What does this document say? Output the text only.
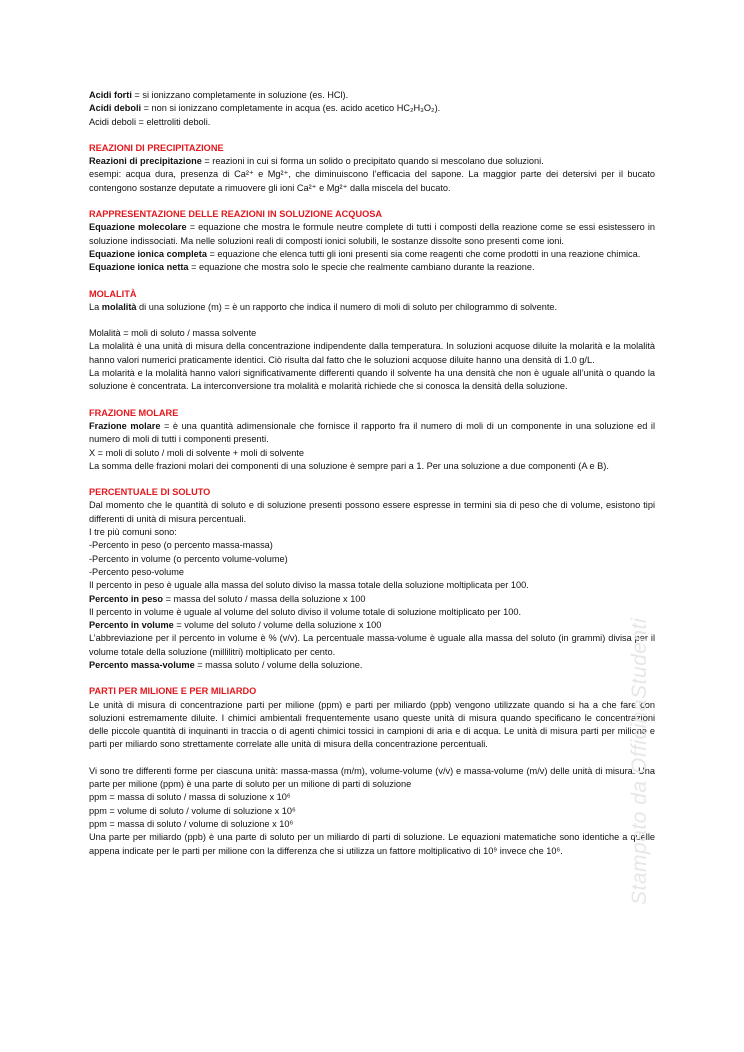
Acidi forti = si ionizzano completamente in soluzione (es. HCl).

Acidi deboli = non si ionizzano completamente in acqua (es. acido acetico HC₂H₃O₂).

Acidi deboli = elettroliti deboli.

REAZIONI DI PRECIPITAZIONE

Reazioni di precipitazione = reazioni in cui si forma un solido o precipitato quando si mescolano due soluzioni.

esempi: acqua dura, presenza di Ca²⁺ e Mg²⁺, che diminuiscono l’efficacia del sapone. La maggior parte dei detersivi per il bucato contengono sostanze deputate a rimuovere gli ioni Ca²⁺ e Mg²⁺ dalla miscela del bucato.

RAPPRESENTAZIONE DELLE REAZIONI IN SOLUZIONE ACQUOSA

Equazione molecolare = equazione che mostra le formule neutre complete di tutti i composti della reazione come se essi esistessero in soluzione indissociati. Ma nelle soluzioni reali di composti ionici solubili, le sostanze dissolte sono presenti come ioni.

Equazione ionica completa = equazione che elenca tutti gli ioni presenti sia come reagenti che come prodotti in una reazione chimica.

Equazione ionica netta = equazione che mostra solo le specie che realmente cambiano durante la reazione.

MOLALITÀ

La molalità di una soluzione (m) = è un rapporto che indica il numero di moli di soluto per chilogrammo di solvente.

Molalità = moli di soluto / massa solvente

La molalità è una unità di misura della concentrazione indipendente dalla temperatura. In soluzioni acquose diluite la molarità e la molalità hanno valori numerici praticamente identici. Ciò risulta dal fatto che le soluzioni acquose diluite hanno una densità di 1.0 g/L.

La molarità e la molalità hanno valori significativamente differenti quando il solvente ha una densità che non è uguale all’unità o quando la soluzione è concentrata. La interconversione tra molalità e molarità richiede che si conosca la densità della soluzione.

FRAZIONE MOLARE

Frazione molare = è una quantità adimensionale che fornisce il rapporto fra il numero di moli di un componente in una soluzione ed il numero di moli di tutti i componenti presenti.

X = moli di soluto / moli di solvente + moli di solvente

La somma delle frazioni molari dei componenti di una soluzione è sempre pari a 1. Per una soluzione a due componenti (A e B).

PERCENTUALE DI SOLUTO

Dal momento che le quantità di soluto e di soluzione presenti possono essere espresse in termini sia di peso che di volume, esistono tipi differenti di unità di misura percentuali.

I tre più comuni sono:

-Percento in peso (o percento massa-massa)

-Percento in volume (o percento volume-volume)

-Percento peso-volume

Il percento in peso è uguale alla massa del soluto diviso la massa totale della soluzione moltiplicata per 100.

Percento in peso = massa del soluto / massa della soluzione x 100

Il percento in volume è uguale al volume del soluto diviso il volume totale di soluzione moltiplicato per 100.

Percento in volume = volume del soluto / volume della soluzione x 100

L’abbreviazione per il percento in volume è % (v/v). La percentuale massa-volume è uguale alla massa del soluto (in grammi) divisa per il volume totale della soluzione (millilitri) moltiplicato per cento.

Percento massa-volume = massa soluto / volume della soluzione.

PARTI PER MILIONE E PER MILIARDO

Le unità di misura di concentrazione parti per milione (ppm) e parti per miliardo (ppb) vengono utilizzate quando si ha a che fare con soluzioni estremamente diluite. I chimici ambientali frequentemente usano queste unità di misura quando specificano le concentrazioni delle piccole quantità di inquinanti in traccia o di agenti chimici tossici in campioni di aria e di acqua. Le unità di misura parti per milione e parti per miliardo sono strettamente correlate alle unità di misura della concentrazione percentuali.

Vi sono tre differenti forme per ciascuna unità: massa-massa (m/m), volume-volume (v/v) e massa-volume (m/v) delle unità di misura. Una parte per milione (ppm) è una parte di soluto per un milione di parti di soluzione

ppm = massa di soluto / massa di soluzione x 10⁶

ppm = volume di soluto / volume di soluzione x 10⁶

ppm = massa di soluto / volume di soluzione x 10⁶

Una parte per miliardo (ppb) è una parte di soluto per un miliardo di parti di soluzione. Le equazioni matematiche sono identiche a quelle appena indicate per le parti per milione con la differenza che si utilizza un fattore moltiplicativo di 10⁹ invece che 10⁶.	Stampato da OfficinaStudenti
